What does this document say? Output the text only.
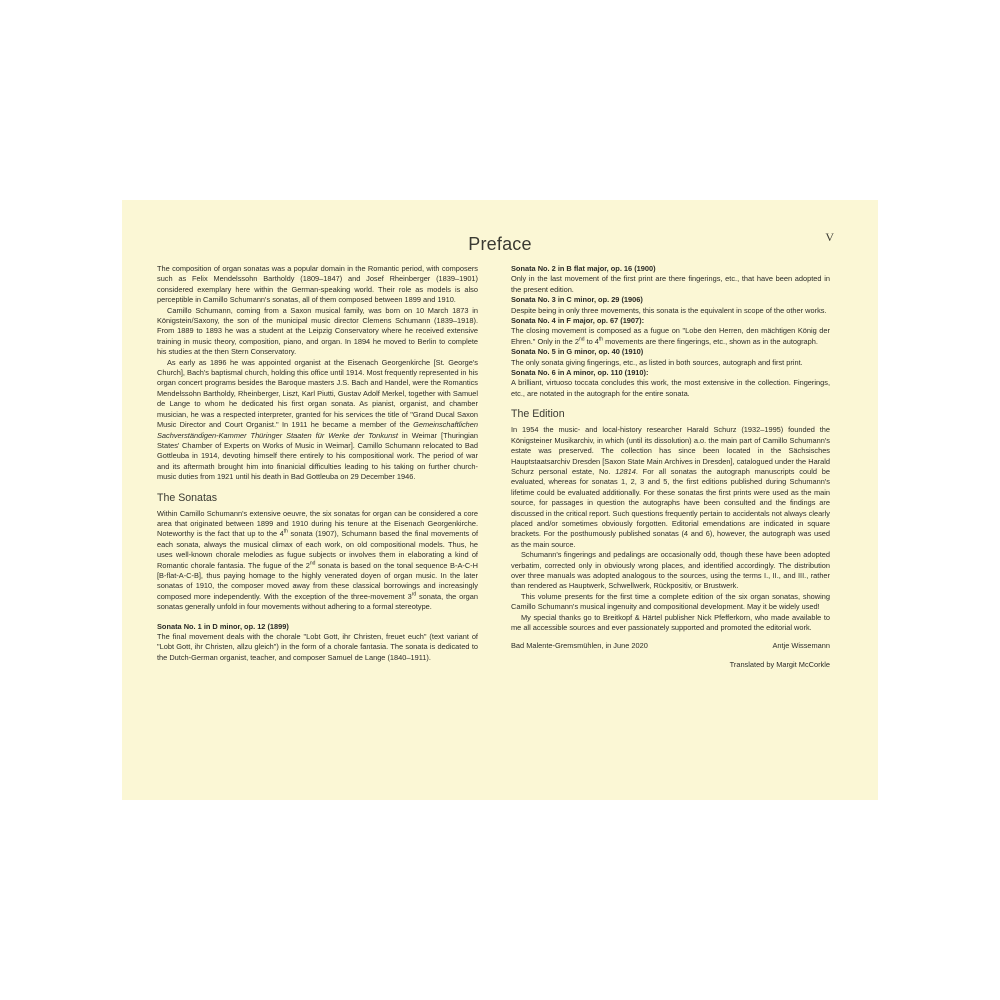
Preface	V

The composition of organ sonatas was a popular domain in the Romantic period, with composers such as Felix Mendelssohn Bartholdy (1809–1847) and Josef Rheinberger (1839–1901) considered exemplary here within the German-speaking world. Their role as models is also perceptible in Camillo Schumann's sonatas, all of them composed between 1899 and 1910.

Camillo Schumann, coming from a Saxon musical family, was born on 10 March 1873 in Königstein/Saxony, the son of the municipal music director Clemens Schumann (1839–1918). From 1889 to 1893 he was a student at the Leipzig Conservatory where he received extensive training in music theory, composition, piano, and organ. In 1894 he moved to Berlin to complete his studies at the then Stern Conservatory.

As early as 1896 he was appointed organist at the Eisenach Georgenkirche [St. George's Church], Bach's baptismal church, holding this office until 1914. Most frequently represented in his organ concert programs besides the Baroque masters J.S. Bach and Handel, were the Romantics Mendelssohn Bartholdy, Rheinberger, Liszt, Karl Piutti, Gustav Adolf Merkel, together with Samuel de Lange to whom he dedicated his first organ sonata. As pianist, organist, and chamber musician, he was a respected interpreter, granted for his services the title of "Grand Ducal Saxon Music Director and Court Organist." In 1911 he became a member of the Gemeinschaftlichen Sachverständigen-Kammer Thüringer Staaten für Werke der Tonkunst in Weimar [Thuringian States' Chamber of Experts on Works of Music in Weimar]. Camillo Schumann relocated to Bad Gottleuba in 1914, devoting himself there entirely to his compositional work. The period of war and its aftermath brought him into finanicial difficulties leading to his taking on further church-music duties from 1921 until his death in Bad Gottleuba on 29 December 1946.

The Sonatas

Within Camillo Schumann's extensive oeuvre, the six sonatas for organ can be considered a core area that originated between 1899 and 1910 during his tenure at the Eisenach Georgenkirche. Noteworthy is the fact that up to the 4th sonata (1907), Schumann based the final movements of each sonata, always the musical climax of each work, on old compositional models. Thus, he uses well-known chorale melodies as fugue subjects or involves them in elaborating a kind of Romantic chorale fantasia. The fugue of the 2nd sonata is based on the tonal sequence B-A-C-H [B-flat-A-C-B], thus paying homage to the highly venerated doyen of organ music. In the later sonatas of 1910, the composer moved away from these classical borrowings and increasingly composed more independently. With the exception of the three-movement 3rd sonata, the organ sonatas generally unfold in four movements without adhering to a formal stereotype.

Sonata No. 1 in D minor, op. 12 (1899)

The final movement deals with the chorale "Lobt Gott, ihr Christen, freuet euch" (text variant of "Lobt Gott, ihr Christen, allzu gleich") in the form of a chorale fantasia. The sonata is dedicated to the Dutch-German organist, teacher, and composer Samuel de Lange (1840–1911).

Sonata No. 2 in B flat major, op. 16 (1900)

Only in the last movement of the first print are there fingerings, etc., that have been adopted in the present edition.

Sonata No. 3 in C minor, op. 29 (1906)

Despite being in only three movements, this sonata is the equivalent in scope of the other works.

Sonata No. 4 in F major, op. 67 (1907):

The closing movement is composed as a fugue on "Lobe den Herren, den mächtigen König der Ehren." Only in the 2nd to 4th movements are there fingerings, etc., shown as in the autograph.

Sonata No. 5 in G minor, op. 40 (1910)

The only sonata giving fingerings, etc., as listed in both sources, autograph and first print.

Sonata No. 6 in A minor, op. 110 (1910):

A brilliant, virtuoso toccata concludes this work, the most extensive in the collection. Fingerings, etc., are notated in the autograph for the entire sonata.

The Edition

In 1954 the music- and local-history researcher Harald Schurz (1932–1995) founded the Königsteiner Musikarchiv, in which (until its dissolution) a.o. the main part of Camillo Schumann's estate was preserved. The collection has since been located in the Sächsisches Hauptstaatsarchiv Dresden [Saxon State Main Archives in Dresden], catalogued under the Harald Schurz personal estate, No. 12814. For all sonatas the autograph manuscripts could be evaluated, whereas for sonatas 1, 2, 3 and 5, the first editions published during Schumann's lifetime could be evaluated additionally. For these sonatas the first prints were used as the main source, for passages in question the autographs have been consulted and the findings are discussed in the critical report. Such questions frequently pertain to accidentals not always clearly placed and/or sometimes obviously forgotten. Editorial emendations are indicated in square brackets. For the posthumously published sonatas (4 and 6), however, the autograph was used as the main source.

Schumann's fingerings and pedalings are occasionally odd, though these have been adopted verbatim, corrected only in obviously wrong places, and identified accordingly. The distribution over three manuals was adopted analogous to the sources, using the terms I., II., and III., rather than rendered as Hauptwerk, Schwellwerk, Rückpositiv, or Brustwerk.

This volume presents for the first time a complete edition of the six organ sonatas, showing Camillo Schumann's musical ingenuity and compositional development. May it be widely used!

My special thanks go to Breitkopf & Härtel publisher Nick Pfefferkorn, who made available to me all accessible sources and ever passionately supported and promoted the editorial work.

Bad Malente-Gremsmühlen, in June 2020	Antje Wissemann
Translated by Margit McCorkle
